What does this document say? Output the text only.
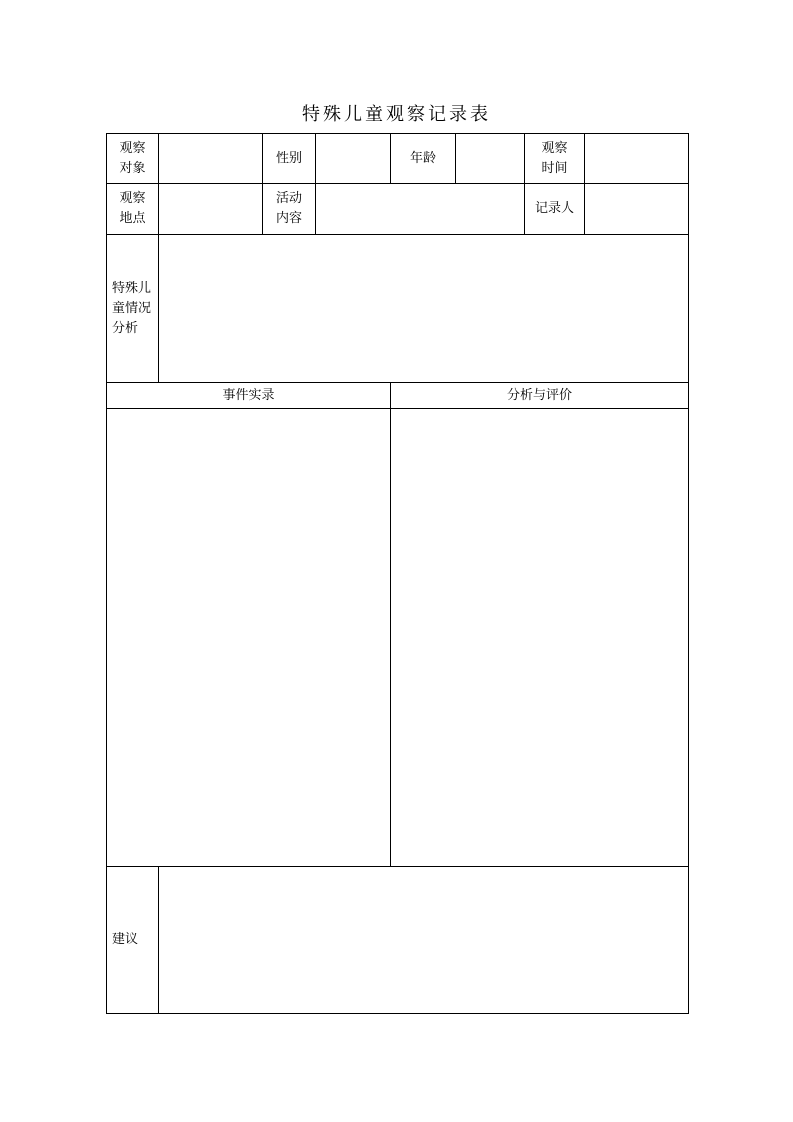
特殊儿童观察记录表
观察
对象
性别	年龄
观察
时间
观察
地点
活动
内容
记录人
特殊儿
童情况
分析
事件实录	分析与评价
建议
